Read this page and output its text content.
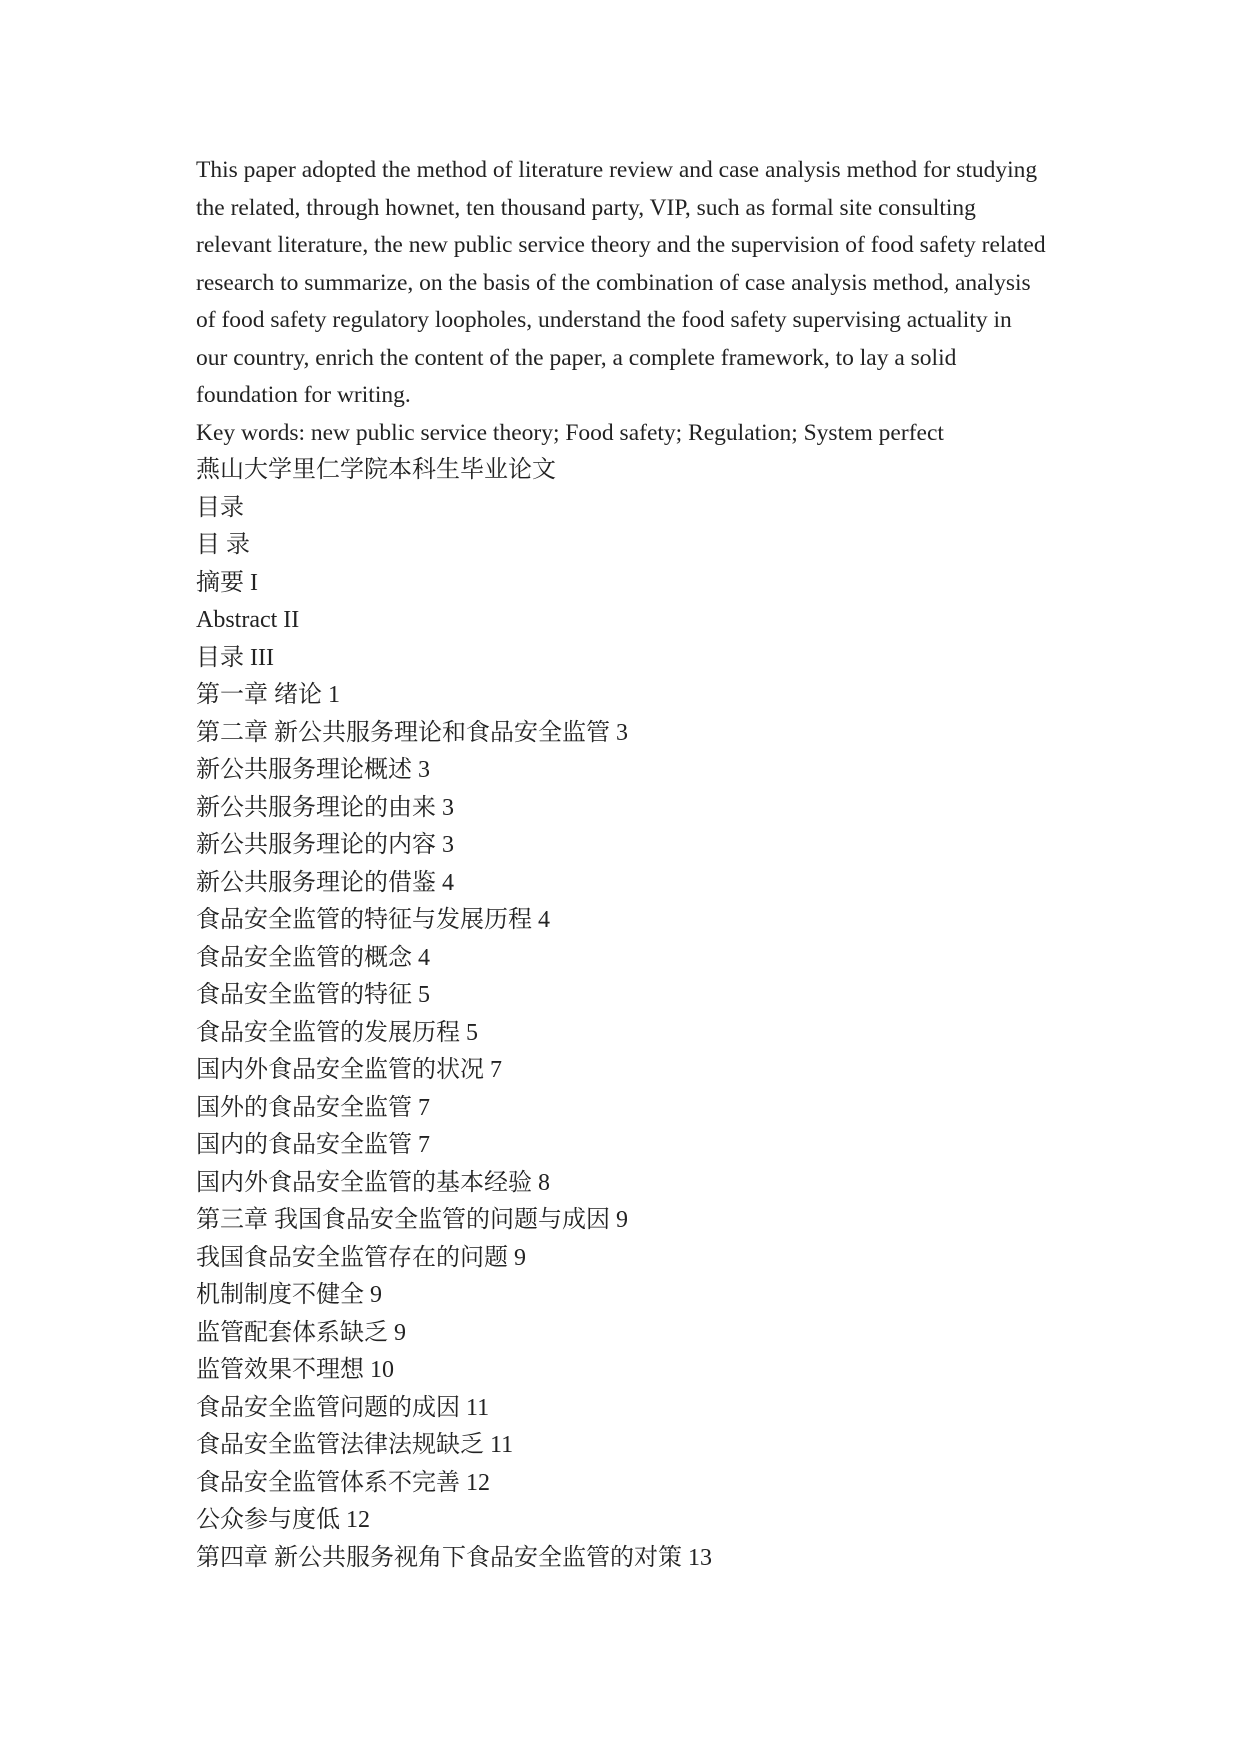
This paper adopted the method of literature review and case analysis method for studying the related, through hownet, ten thousand party, VIP, such as formal site consulting relevant literature, the new public service theory and the supervision of food safety related research to summarize, on the basis of the combination of case analysis method, analysis of food safety regulatory loopholes, understand the food safety supervising actuality in our country, enrich the content of the paper, a complete framework, to lay a solid foundation for writing.

Key words: new public service theory; Food safety; Regulation; System perfect

燕山大学里仁学院本科生毕业论文

目录

目 录

摘要 I

Abstract II

目录 III

第一章 绪论 1

第二章 新公共服务理论和食品安全监管 3

新公共服务理论概述 3

新公共服务理论的由来 3

新公共服务理论的内容 3

新公共服务理论的借鉴 4

食品安全监管的特征与发展历程 4

食品安全监管的概念 4

食品安全监管的特征 5

食品安全监管的发展历程 5

国内外食品安全监管的状况 7

国外的食品安全监管 7

国内的食品安全监管 7

国内外食品安全监管的基本经验 8

第三章 我国食品安全监管的问题与成因 9

我国食品安全监管存在的问题 9

机制制度不健全 9

监管配套体系缺乏 9

监管效果不理想 10

食品安全监管问题的成因 11

食品安全监管法律法规缺乏 11

食品安全监管体系不完善 12

公众参与度低 12

第四章 新公共服务视角下食品安全监管的对策 13
